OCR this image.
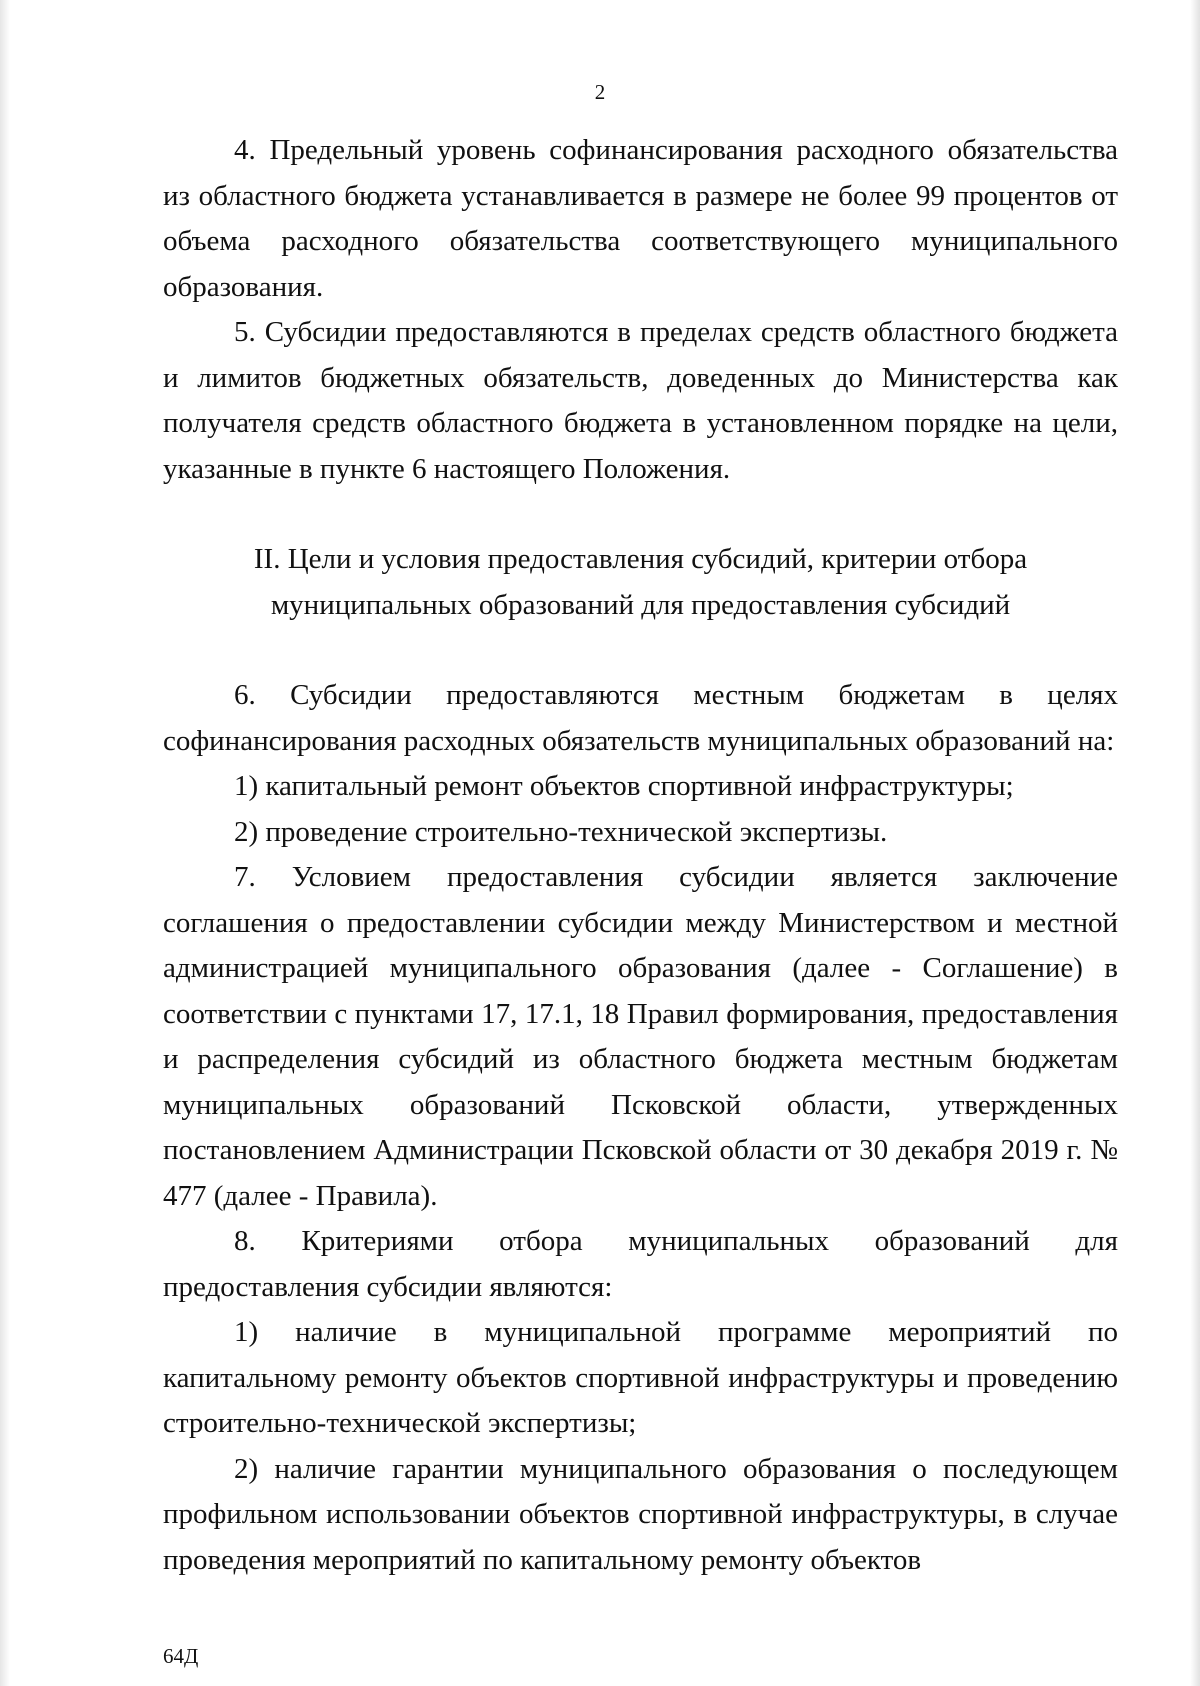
2

4. Предельный уровень софинансирования расходного обязательства из областного бюджета устанавливается в размере не более 99 процентов от объема расходного обязательства соответствующего муниципального образования.

5. Субсидии предоставляются в пределах средств областного бюджета и лимитов бюджетных обязательств, доведенных до Министерства как получателя средств областного бюджета в установленном порядке на цели, указанные в пункте 6 настоящего Положения.

II. Цели и условия предоставления субсидий, критерии отбора

муниципальных образований для предоставления субсидий

6. Субсидии предоставляются местным бюджетам в целях софинансирования расходных обязательств муниципальных образований на:

1) капитальный ремонт объектов спортивной инфраструктуры;

2) проведение строительно-технической экспертизы.

7. Условием предоставления субсидии является заключение соглашения о предоставлении субсидии между Министерством и местной администрацией муниципального образования (далее - Соглашение) в соответствии с пунктами 17, 17.1, 18 Правил формирования, предоставления и распределения субсидий из областного бюджета местным бюджетам муниципальных образований Псковской области, утвержденных постановлением Администрации Псковской области от 30 декабря 2019 г. № 477 (далее - Правила).

8. Критериями отбора муниципальных образований для предоставления субсидии являются:

1) наличие в муниципальной программе мероприятий по капитальному ремонту объектов спортивной инфраструктуры и проведению строительно-технической экспертизы;

2) наличие гарантии муниципального образования о последующем профильном использовании объектов спортивной инфраструктуры, в случае проведения мероприятий по капитальному ремонту объектов

64Д
